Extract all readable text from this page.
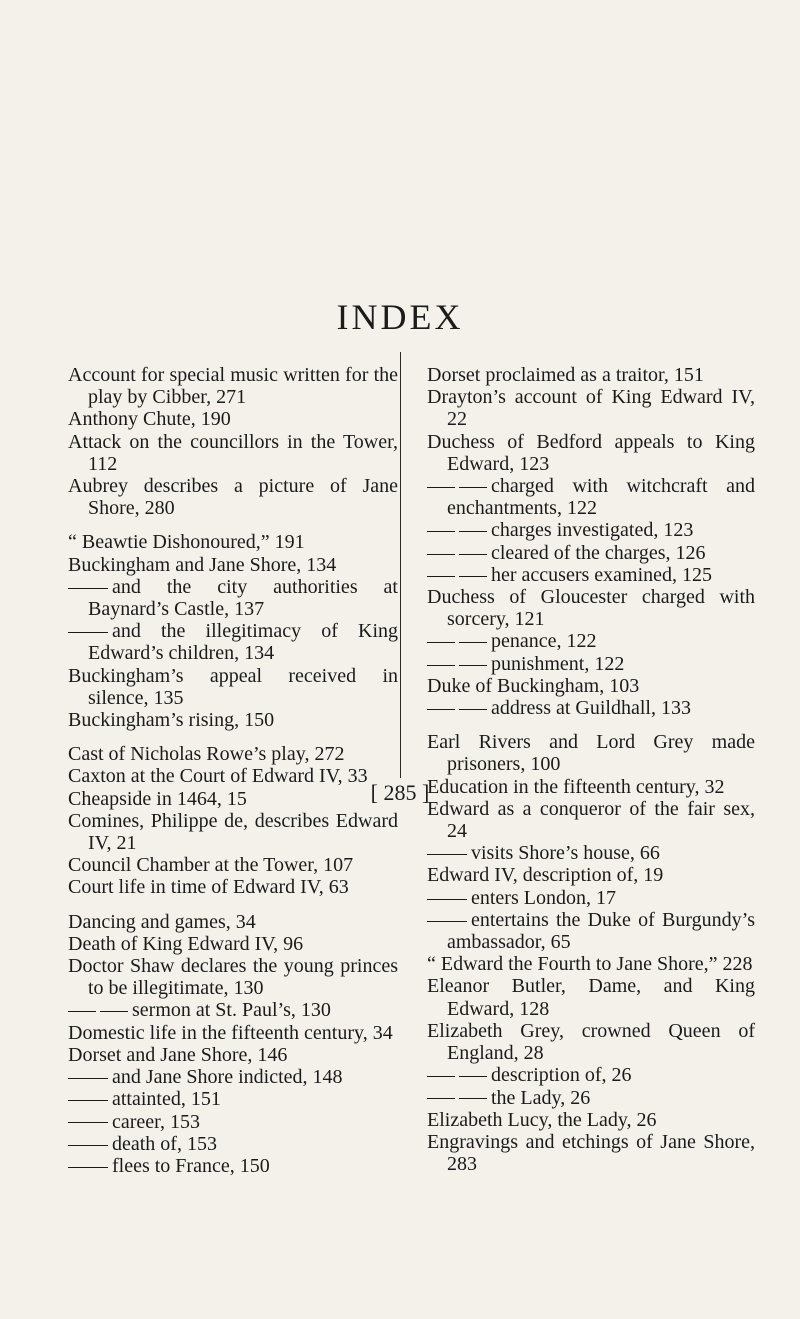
INDEX
Account for special music written for the play by Cibber, 271
Anthony Chute, 190
Attack on the councillors in the Tower, 112
Aubrey describes a picture of Jane Shore, 280
“ Beawtie Dishonoured,” 191
Buckingham and Jane Shore, 134
and the city authorities at Baynard’s Castle, 137
and the illegitimacy of King Edward’s children, 134
Buckingham’s appeal received in silence, 135
Buckingham’s rising, 150
Cast of Nicholas Rowe’s play, 272
Caxton at the Court of Edward IV, 33
Cheapside in 1464, 15
Comines, Philippe de, describes Edward IV, 21
Council Chamber at the Tower, 107
Court life in time of Edward IV, 63
Dancing and games, 34
Death of King Edward IV, 96
Doctor Shaw declares the young princes to be illegitimate, 130
sermon at St. Paul’s, 130
Domestic life in the fifteenth century, 34
Dorset and Jane Shore, 146
and Jane Shore indicted, 148
attainted, 151
career, 153
death of, 153
flees to France, 150
Dorset proclaimed as a traitor, 151
Drayton’s account of King Edward IV, 22
Duchess of Bedford appeals to King Edward, 123
charged with witchcraft and enchantments, 122
charges investigated, 123
cleared of the charges, 126
her accusers examined, 125
Duchess of Gloucester charged with sorcery, 121
penance, 122
punishment, 122
Duke of Buckingham, 103
address at Guildhall, 133
Earl Rivers and Lord Grey made prisoners, 100
Education in the fifteenth century, 32
Edward as a conqueror of the fair sex, 24
visits Shore’s house, 66
Edward IV, description of, 19
enters London, 17
entertains the Duke of Burgundy’s ambassador, 65
“ Edward the Fourth to Jane Shore,” 228
Eleanor Butler, Dame, and King Edward, 128
Elizabeth Grey, crowned Queen of England, 28
description of, 26
the Lady, 26
Elizabeth Lucy, the Lady, 26
Engravings and etchings of Jane Shore, 283
[ 285 ]
